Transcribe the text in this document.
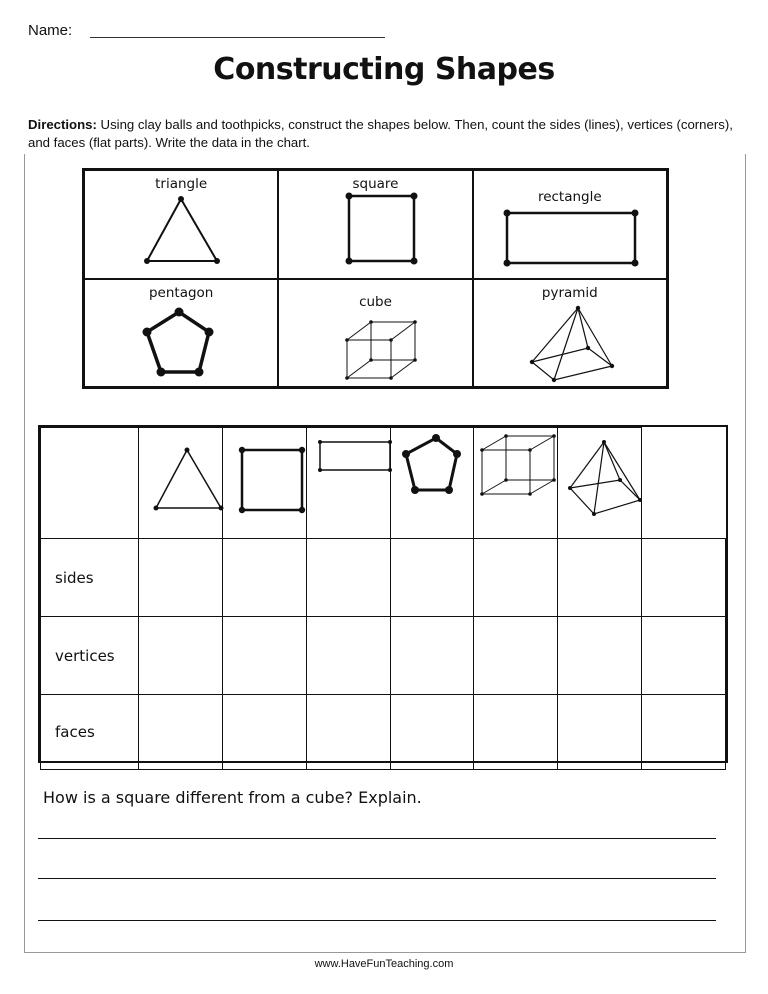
Name:
Constructing Shapes
Directions: Using clay balls and toothpicks, construct the shapes below. Then, count the sides (lines), vertices (corners), and faces (flat parts). Write the data in the chart.
triangle	square
rectangle
pentagon
cube
pyramid

sides							
vertices							
faces							
How is a square different from a cube? Explain.
www.HaveFunTeaching.com
